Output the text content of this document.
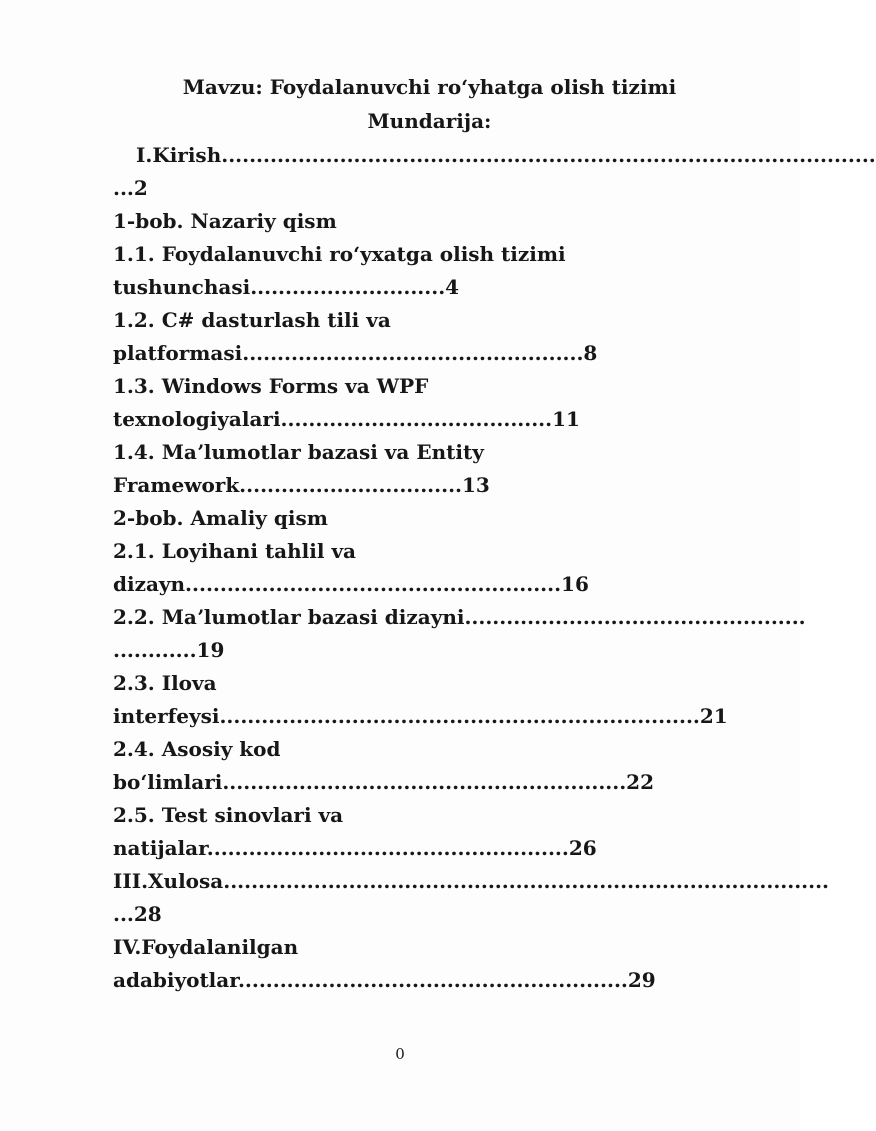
Mavzu: Foydalanuvchi roʻyhatga olish tizimi
Mundarija:
I.Kirish..............................................................................................
...2
1-bob. Nazariy qism
1.1. Foydalanuvchi roʻyxatga olish tizimi
tushunchasi............................4
1.2. C# dasturlash tili va
platformasi.................................................8
1.3. Windows Forms va WPF
texnologiyalari.......................................11
1.4. Maʼlumotlar bazasi va Entity
Framework................................13
2-bob. Amaliy qism
2.1. Loyihani tahlil va
dizayn......................................................16
2.2. Maʼlumotlar bazasi dizayni.................................................
............19
2.3. Ilova
interfeysi.....................................................................21
2.4. Asosiy kod
boʻlimlari..........................................................22
2.5. Test sinovlari va
natijalar....................................................26
III.Xulosa.......................................................................................
...28
IV.Foydalanilgan
adabiyotlar........................................................29
0
